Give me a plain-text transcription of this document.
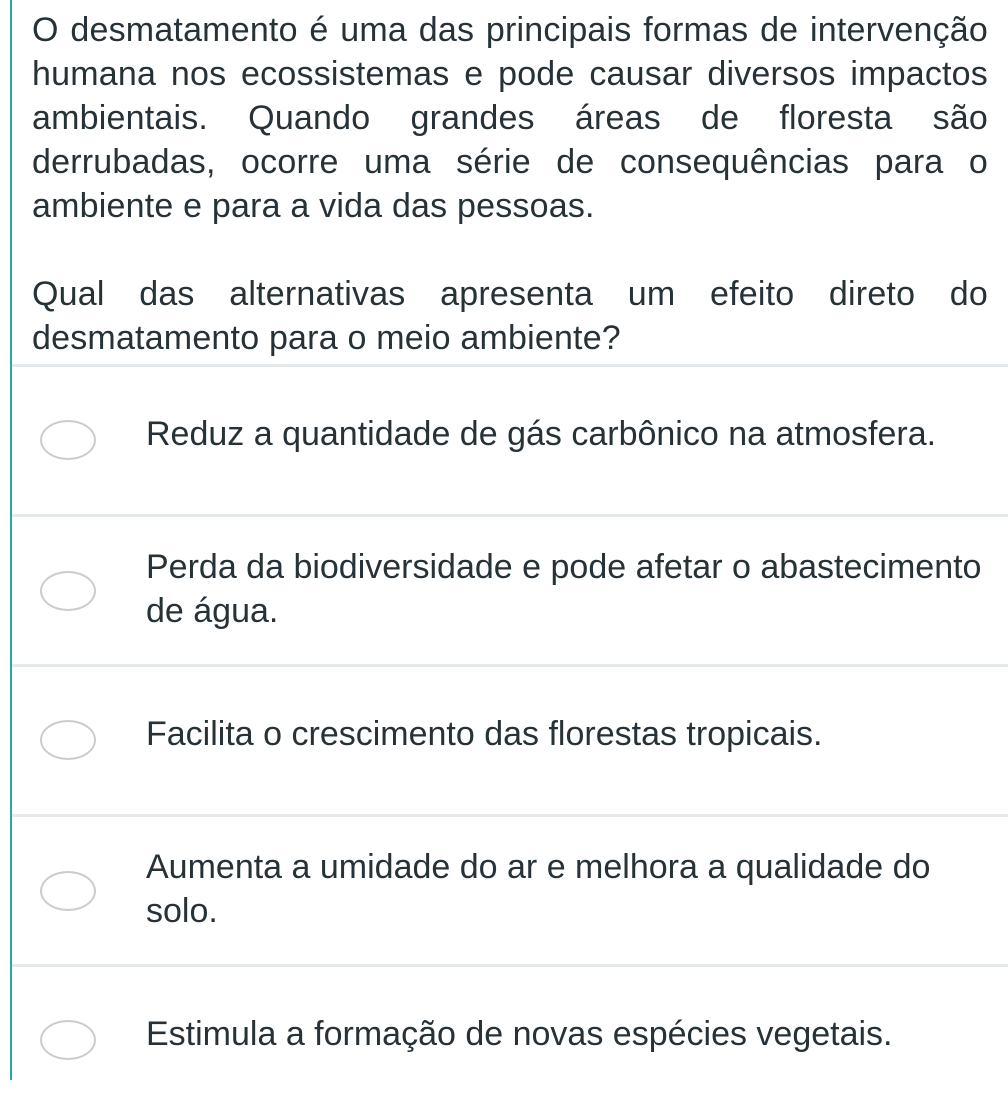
O desmatamento é uma das principais formas de intervenção humana nos ecossistemas e pode causar diversos impactos ambientais. Quando grandes áreas de floresta são derrubadas, ocorre uma série de consequências para o ambiente e para a vida das pessoas.

Qual das alternativas apresenta um efeito direto do desmatamento para o meio ambiente?

Reduz a quantidade de gás carbônico na atmosfera.
Perda da biodiversidade e pode afetar o abastecimento de água.
Facilita o crescimento das florestas tropicais.
Aumenta a umidade do ar e melhora a qualidade do solo.
Estimula a formação de novas espécies vegetais.
